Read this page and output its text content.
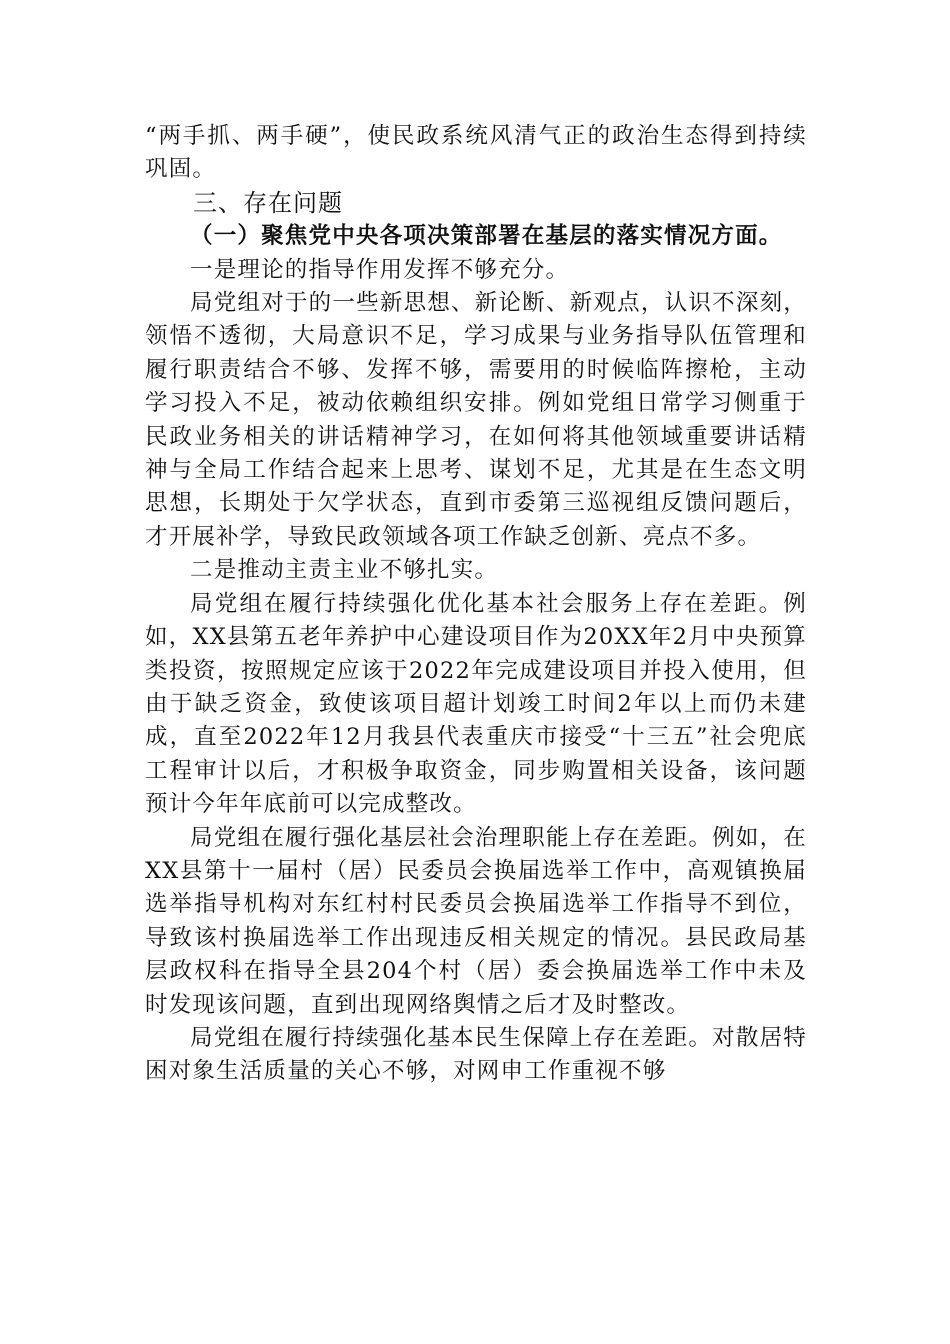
“两手抓、两手硬”，使民政系统风清气正的政治生态得到持续巩固。

三、存在问题

（一）聚焦党中央各项决策部署在基层的落实情况方面。

一是理论的指导作用发挥不够充分。

局党组对于的一些新思想、新论断、新观点，认识不深刻，领悟不透彻，大局意识不足，学习成果与业务指导队伍管理和履行职责结合不够、发挥不够，需要用的时候临阵擦枪，主动学习投入不足，被动依赖组织安排。例如党组日常学习侧重于民政业务相关的讲话精神学习，在如何将其他领域重要讲话精神与全局工作结合起来上思考、谋划不足，尤其是在生态文明思想，长期处于欠学状态，直到市委第三巡视组反馈问题后，才开展补学，导致民政领域各项工作缺乏创新、亮点不多。

二是推动主责主业不够扎实。

局党组在履行持续强化优化基本社会服务上存在差距。例如，XX县第五老年养护中心建设项目作为20XX年2月中央预算类投资，按照规定应该于2022年完成建设项目并投入使用，但由于缺乏资金，致使该项目超计划竣工时间2年以上而仍未建成，直至2022年12月我县代表重庆市接受“十三五”社会兜底工程审计以后，才积极争取资金，同步购置相关设备，该问题预计今年年底前可以完成整改。

局党组在履行强化基层社会治理职能上存在差距。例如，在XX县第十一届村（居）民委员会换届选举工作中，高观镇换届选举指导机构对东红村村民委员会换届选举工作指导不到位，导致该村换届选举工作出现违反相关规定的情况。县民政局基层政权科在指导全县204个村（居）委会换届选举工作中未及时发现该问题，直到出现网络舆情之后才及时整改。

局党组在履行持续强化基本民生保障上存在差距。对散居特困对象生活质量的关心不够，对网申工作重视不够
